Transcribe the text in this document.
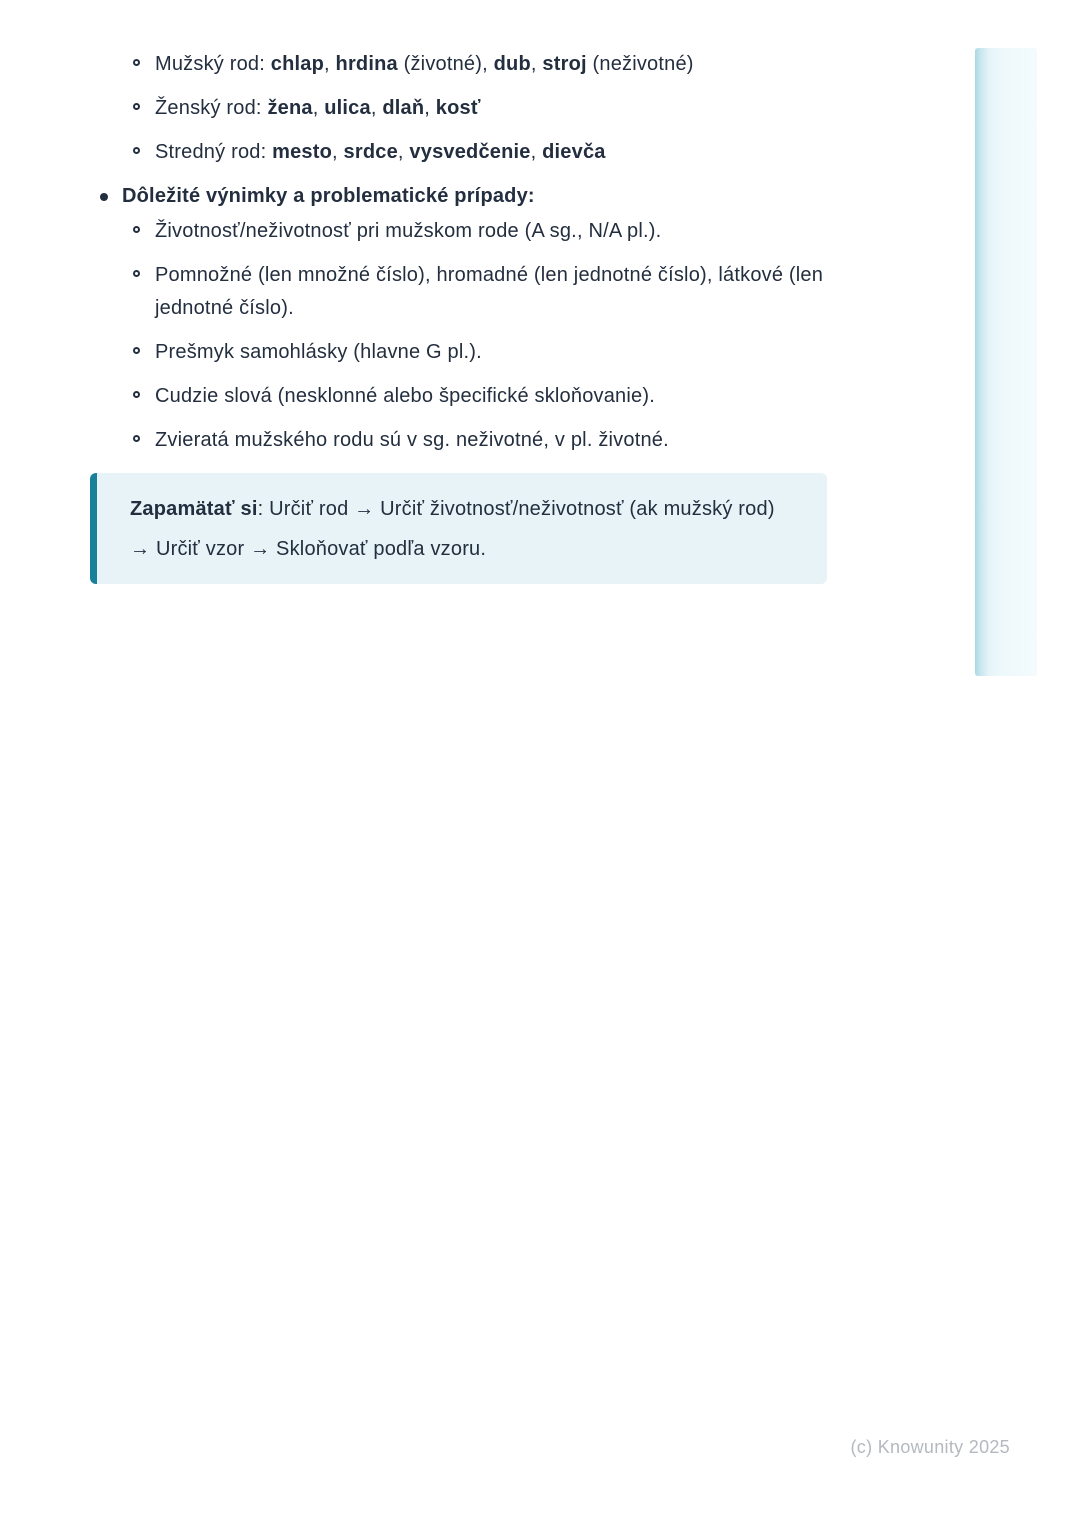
Mužský rod: chlap, hrdina (životné), dub, stroj (neživotné)
Ženský rod: žena, ulica, dlaň, kosť
Stredný rod: mesto, srdce, vysvedčenie, dievča
Dôležité výnimky a problematické prípady:
Životnosť/neživotnosť pri mužskom rode (A sg., N/A pl.).
Pomnožné (len množné číslo), hromadné (len jednotné číslo), látkové (len jednotné číslo).
Prešmyk samohlásky (hlavne G pl.).
Cudzie slová (nesklonné alebo špecifické skloňovanie).
Zvieratá mužského rodu sú v sg. neživotné, v pl. životné.

Zapamätať si: Určiť rod → Určiť životnosť/neživotnosť (ak mužský rod) → Určiť vzor → Skloňovať podľa vzoru.

(c) Knowunity 2025
